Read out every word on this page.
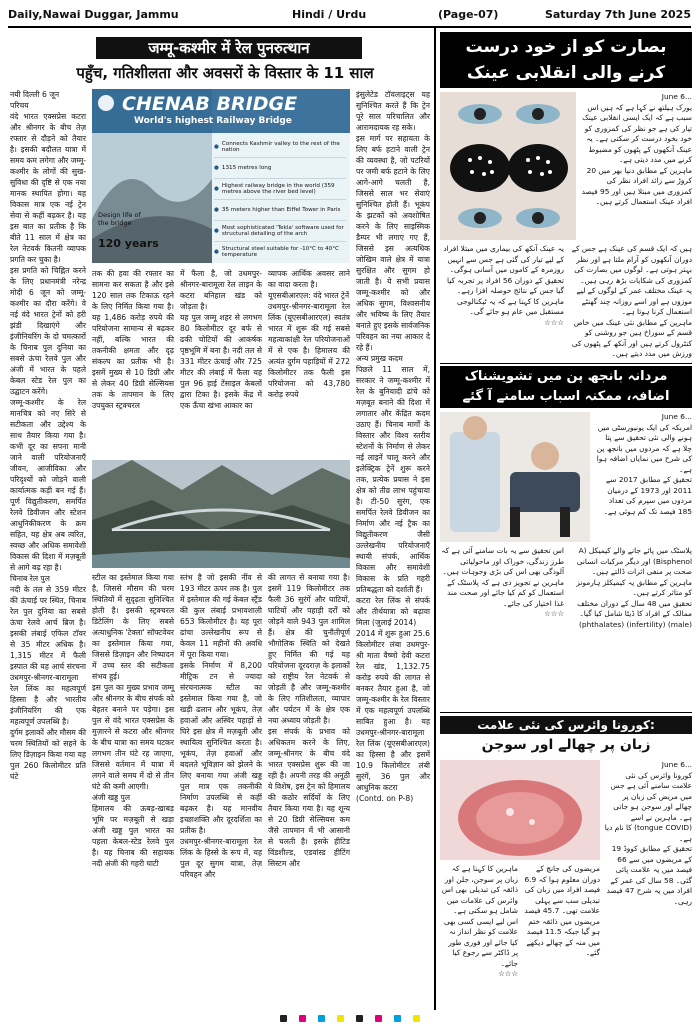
Daily,Nawai Duggar, Jammu	Hindi / Urdu	(Page-07)	Saturday 7th June 2025
जम्मू-कश्मीर में रेल पुनरुत्थान
पहुँच, गतिशीलता और अवसरों के विस्तार के 11 साल
नयी दिल्ली 6 जून
परिचय
वंदे भारत एक्सप्रेस कटरा और श्रीनगर के बीच तेज़ रफ्तार से दौड़ने को तैयार है। इसकी बदौलत यात्रा में समय कम लगेगा और जम्मू-कश्मीर के लोगों की सुख-सुविधा की दृष्टि से एक नया मानक स्थापित होगा। यह विकास मात्र एक नई ट्रेन सेवा से कहीं बढ़कर है। यह इस बात का प्रतीक है कि बीते 11 साल में क्षेत्र का रेल नेटवर्क कितनी व्यापक प्रगति कर चुका है।
इस प्रगति को चिह्नित करने के लिए प्रधानमंत्री नरेन्द्र मोदी 6 जून को जम्मू-कश्मीर का दौरा करेंगे। वे नई वंदे भारत ट्रेनों को हरी झंडी दिखाएंगे और इंजीनियरिंग के दो चमत्कारों के चिनाब पुल दुनिया का सबसे ऊंचा रेलवे पुल और अंजी में भारत के पहले केबल स्टेड रेल पुल का उद्घाटन करेंगे।
जम्मू-कश्मीर के रेल मानचित्र को नए सिरे से सटीकता और उद्देश्य के साथ तैयार किया गया है। कभी दूर का सपना मानी जाने वाली परियोजनाएँ जीवन, आजीविका और परिदृश्यों को जोड़ने वाली कार्यात्मक कड़ी बन गई हैं। पूर्ण विद्युतीकरण, समर्पित रेलवे डिवीजन और स्टेशन आधुनिकीकरण के क्रम सहित, यह क्षेत्र अब त्वरित, स्वच्छ और अधिक समावेशी विकास की दिशा में मज़बूती से आगे बढ़ रहा है।
चिनाब रेल पुल
नदी के तल से 359 मीटर की ऊंचाई पर स्थित, चिनाब रेल पुल दुनिया का सबसे ऊंचा रेलवे आर्च ब्रिज है। इसकी लंबाई एफिल टॉवर से 35 मीटर अधिक है। 1,315 मीटर में फैली इस्पात की यह आर्च संरचना उधमपुर-श्रीनगर-बारामूला रेल लिंक का महत्वपूर्ण हिस्सा है और भारतीय इंजीनियरिंग की एक महत्वपूर्ण उपलब्धि है।
दुर्गम इलाकों और मौसम की चरम स्थितियों को सहने के लिए डिज़ाइन किया गया यह पुल 260 किलोमीटर प्रति घंटे
CHENAB BRIDGE
World's highest Railway Bridge
Design life of the bridge
120 years
●
Connects Kashmir valley to the rest of the nation
● 1315 metres long
●
Highest railway bridge in the world (359 metres above the river bed level)
● 35 meters higher than Eiffel Tower in Paris
●
Most sophisticated 'Tekla' software used for structural detailing of the arch
●
Structural steel suitable for -10°C to 40°C temperature
इंसुलेटेड टॉवलाइट्स यह सुनिश्चित करते हैं कि ट्रेन पूरे साल परिचालित और आरामदायक रह सके।
इस मार्ग पर सहायता के लिए बर्फ हटाने वाली ट्रेन की व्यवस्था है, जो पटरियों पर जमी बर्फ हटाने के लिए आगे-आगे चलती है, जिससे साल भर सेवाएं सुनिश्चित होती हैं। भूकंप के झटकों को अवशोषित करने के लिए साइस्मिक डैम्पर भी लगाए गए हैं, जिससे इस अत्यधिक जोखिम वाले क्षेत्र में यात्रा सुरक्षित और सुगम हो जाती है। ये सभी प्रयास जम्मू-कश्मीर को और अधिक सुगम, विश्वसनीय और भविष्य के लिए तैयार बनाते हुए इसके सार्वजनिक परिवहन का नया आकार दे रहे हैं।
अन्य प्रमुख कदम
पिछले 11 साल में, सरकार ने जम्मू-कश्मीर में रेल के बुनियादी ढांचे को मज़बूत बनाने की दिशा में लगातार और केंद्रित कदम उठाए हैं। चिनाब मार्गों के विस्तार और विश्व स्तरीय स्टेशनों के निर्माण से लेकर नई लाइनें चालू करने और इलेक्ट्रिक ट्रेनें शुरू करने तक, प्रत्येक प्रयास ने इस क्षेत्र को तीव्र लाभ पहुंचाया है। टी-50 सुरंग, एक समर्पित रेलवे डिवीजन का निर्माण और नई ट्रैक का विद्युतीकरण जैसी उल्लेखनीय परियोजनाएँ स्थायी संपर्क, आर्थिक विकास और समावेशी विकास के प्रति गहरी प्रतिबद्धता को दर्शाती हैं।
कटरा रेल लिंक से संपर्क और तीर्थयात्रा को बढ़ावा मिला (जुलाई 2014)
2014 में शुरू हुआ 25.6 किलोमीटर लंबा उधमपुर-श्री माता वैष्णो देवी कटरा रेल खंड, 1,132.75 करोड़ रुपये की लागत से बनकर तैयार हुआ है, जो जम्मू-कश्मीर के रेल विस्तार में एक महत्वपूर्ण उपलब्धि साबित हुआ है। यह उधमपुर-श्रीनगर-बारामूला रेल लिंक (यूएसबीआरएल) का हिस्सा है और इसमें 10.9 किलोमीटर लंबी सुरंगें, 36 पुल और आधुनिक कटरा
(Contd. on P-8)
तक की हवा की रफ्तार का सामना कर सकता है और इसे 120 साल तक टिकाऊ रहने के लिए निर्मित किया गया है। यह 1,486 करोड़ रुपये की परियोजना सामान्य से बढ़कर नहीं, बल्कि भारत की तकनीकी क्षमता और दृढ़ संकल्प का प्रतीक भी है। इसमें मुख्य से 10 डिग्री और से लेकर 40 डिग्री सेल्सियस तक के तापमान के लिए उपयुक्त स्ट्रक्चरल
में फैला है, जो उधमपुर-श्रीनगर-बारामूला रेल लाइन के कटरा बनिहाल खंड को जोड़ता है।
यह पुल जम्मू शहर से लगभग 80 किलोमीटर दूर बर्फ से ढकी चोटियों की आकर्षक पृष्ठभूमि में बना है। नदी तल से 331 मीटर ऊंचाई और 725 मीटर की लंबाई में फैला यह पुल 96 हाई टेंसाइल केबलों द्वारा टिका है। इसके केंद्र में एक ऊँचा खंभा आकार का
व्यापक आर्थिक अवसर लाने का वादा करता है।
यूएसबीआरएल: वंदे भारत ट्रेनें
उधमपुर-श्रीनगर-बारामूला रेल लिंक (यूएसबीआरएल) स्वतंत्र भारत में शुरू की गई सबसे महत्वाकांक्षी रेल परियोजनाओं में से एक है। हिमालय की अत्यंत दुर्गम पहाड़ियों में 272 किलोमीटर तक फैली इस परियोजना को 43,780 करोड़ रुपये
स्टील का इस्तेमाल किया गया है, जिससे मौसम की चरम स्थितियों में सुदृढ़ता सुनिश्चित होती है। इसकी स्ट्रक्चरल डिटेलिंग के लिए सबसे अत्याधुनिक 'टेक्ला' सॉफ्टवेयर का इस्तेमाल किया गया, जिससे डिज़ाइन और निष्पादन में उच्च स्तर की सटीकता संभव हुई।
इस पुल का मुख्य प्रभाव जम्मू और श्रीनगर के बीच संपर्क को बेहतर बनाने पर पड़ेगा। इस पुल से वंदे भारत एक्सप्रेस के मुज़ारने से कटरा और श्रीनगर के बीच यात्रा का समय घटकर लगभग तीन घंटे रह जाएगा, जिससे वर्तमान में यात्रा में लगने वाले समय में दो से तीन घंटे की कमी आएगी।
अंजी खड्ड पुल
हिमालय की ऊबड़-खाबड़ भूमि पर मज़बूती से खड़ा अंजी खड्ड पुल भारत का पहला केबल-स्टेड रेलवे पुल है। यह चिनाब की सहायक नदी अंजी की गहरी घाटी
स्तंभ है जो इसकी नींव से 193 मीटर ऊपर तक है। पुल में इस्तेमाल की गई केबल स्ट्रैंड की कुल लंबाई प्रभावशाली 653 किलोमीटर है। यह पूरा ढांचा उल्लेखनीय रूप से केवल 11 महीनों की अवधि में पूरा किया गया।
इसके निर्माण में 8,200 मीट्रिक टन से ज्यादा संरचनात्मक स्टील का इस्तेमाल किया गया है, जो खड़ी ढलान और भूकंप, तेज़ हवाओं और अस्थिर पहाड़ों से घिरे इस क्षेत्र में मज़बूती और स्थायित्व सुनिश्चित करता है। भूकंप, तेज़ हवाओं और बदलते भूविज्ञान को झेलने के लिए बनाया गया अंजी खड्ड पुल मात्र एक तकनीकी निर्माण उपलब्धि से कहीं बढ़कर है। यह मानवीय इच्छाशक्ति और दूरदर्शिता का प्रतीक है।
उधमपुर-श्रीनगर-बारामूला रेल लिंक के हिस्से के रूप में, यह पुल दूर सुगम यात्रा, तेज़ परिवहन और
की लागत से बनाया गया है। इसमें 119 किलोमीटर तक फैली 36 सुरंगें और घाटियों, घाटियों और पहाड़ी दर्रों को जोड़ने वाले 943 पुल शामिल हैं। क्षेत्र की चुनौतीपूर्ण भौगोलिक स्थिति को देखते हुए निर्मित की गई यह परियोजना दूरदराज़ के इलाकों को राष्ट्रीय रेल नेटवर्क से जोड़ती है और जम्मू-कश्मीर के लिए गतिशीलता, व्यापार और पर्यटन में के क्षेत्र एक नया अध्याय जोड़ती है।
इस संपर्क के प्रभाव को अधिकतम करने के लिए, जम्मू-श्रीनगर के बीच वंदे भारत एक्सप्रेस शुरू की जा रही है। अपनी तरह की अनूठी ये विशेष, इस ट्रेन को हिमालय की कठोर सर्दियों के लिए तैयार किया गया है। यह शून्य से 20 डिग्री सेल्सियस कम जैसे तापमान में भी आसानी से चलती है। इसके हीटिड विंडशील्ड, एडवांस्ड हीटिंग सिस्टम और
بصارت کو از خود درست
کرنے والی انقلابی عینک
...6 June
یورک ہیلتھ نے کہا ہے کہ ہیں اس سبب ہے کہ ایک ایسی انقلابی عینک تیار کی ہے جو نظر کی کمزوری کو خود بخود درست کر سکتی ہے۔ یہ عینک آنکھوں کے پٹھوں کو مضبوط کرنے میں مدد دیتی ہے۔
ماہرین کے مطابق دنیا بھر میں 20 کروڑ سے زائد افراد نظر کی کمزوری میں مبتلا ہیں اور 95 فیصد افراد عینک استعمال کرتے ہیں۔
یہ عینک آنکھ کی بیماری میں مبتلا افراد کے لیے تیار کی گئی ہے جس سے انہیں روزمرہ کے کاموں میں آسانی ہوگی۔ تحقیق کے دوران 56 افراد پر تجربہ کیا گیا جس کے نتائج حوصلہ افزا رہے۔
ماہرین کا کہنا ہے کہ یہ ٹیکنالوجی مستقبل میں عام ہو جائے گی۔
☆☆☆
ہیں کہ ایک قسم کی عینک ہے جس کے دوران آنکھوں کو آرام ملتا ہے اور نظر بہتر ہوتی ہے۔ لوگوں میں بصارت کی کمزوری کی شکایات بڑھ رہی ہیں۔
یہ عینک مختلف عمر کے لوگوں کے لیے موزوں ہے اور اسے روزانہ چند گھنٹے استعمال کرنا ہوتا ہے۔
ماہرین کے مطابق نئی عینک میں خاص قسم کے سوراخ ہیں جو روشنی کو کنٹرول کرتے ہیں اور آنکھ کے پٹھوں کی ورزش میں مدد دیتے ہیں۔
مردانہ بانجھ پن میں تشویشناک
اضافہ، ممکنہ اسباب سامنے آ گئے
...6 June
امریکہ کی ایک یونیورسٹی میں ہونے والی نئی تحقیق سے پتا چلا ہے کہ مردوں میں بانجھ پن کی شرح میں نمایاں اضافہ ہوا ہے۔
تحقیق کے مطابق 2017 سے 2011 اور 1973 کے درمیان مردوں میں سپرم کی تعداد 185 فیصد تک کم ہوئی ہے۔
اس تحقیق سے یہ بات سامنے آئی ہے کہ طرز زندگی، خوراک اور ماحولیاتی آلودگی بھی اس کی بڑی وجوہات ہیں۔ ماہرین نے تجویز دی ہے کہ پلاسٹک کے استعمال کو کم کیا جائے اور صحت مند غذا اختیار کی جائے۔
☆☆☆
پلاسٹک میں پائے جانے والے کیمیکل (A Bisphenol) اور دیگر مرکبات انسانی صحت پر منفی اثرات ڈالتے ہیں۔ ماہرین کے مطابق یہ کیمیکلز ہارمونز کو متاثر کرتے ہیں۔
تحقیق میں 48 سال کے دوران مختلف ممالک کے افراد کا ڈیٹا شامل کیا گیا۔
(male) (infertility) (phthalates)
کورونا وائرس کی نئی علامت:
زبان پر چھالے اور سوجن
...6 June
کورونا وائرس کی نئی علامت سامنے آئی ہے جس میں مریض کی زبان پر چھالے اور سوجن ہو جاتی ہے۔ ماہرین نے اسے (tongue COVID) کا نام دیا ہے۔
تحقیق کے مطابق کووڈ 19 کے مریضوں میں سے 66 فیصد میں یہ علامت پائی گئی۔ 58 سال کی عمر کے افراد میں یہ شرح 47 فیصد رہی۔
ماہرین کا کہنا ہے کہ زبان پر سوجن، جلن اور ذائقہ کی تبدیلی بھی اس وائرس کی علامات میں شامل ہو سکتی ہے۔ اس لیے ایسی کسی بھی علامت کو نظر انداز نہ کیا جائے اور فوری طور پر ڈاکٹر سے رجوع کیا جائے۔
☆☆☆
مریضوں کی جانچ کے دوران معلوم ہوا کہ 6.9 فیصد افراد میں زبان کی تبدیلی سب سے پہلی علامت تھی۔ 45.7 فیصد مریضوں میں ذائقہ ختم ہو گیا جبکہ 11.5 فیصد میں منہ کے چھالے دیکھے گئے۔
